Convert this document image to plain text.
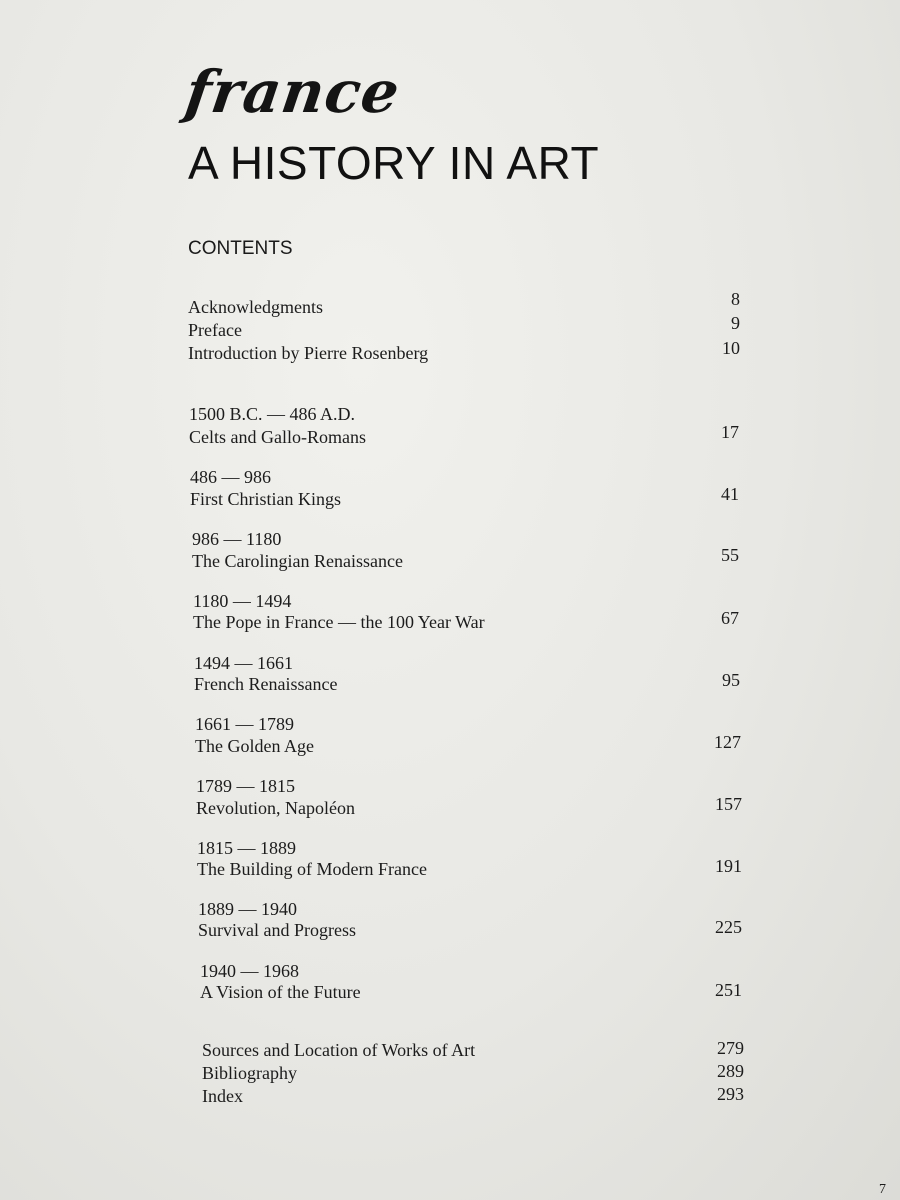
france
A HISTORY IN ART
CONTENTS
Acknowledgments	8
Preface	9
Introduction by Pierre Rosenberg	10
1500 B.C. — 486 A.D.
Celts and Gallo-Romans	17
486 — 986
First Christian Kings	41
986 — 1180
The Carolingian Renaissance	55
1180 — 1494
The Pope in France — the 100 Year War	67
1494 — 1661
French Renaissance	95
1661 — 1789
The Golden Age	127
1789 — 1815
Revolution, Napoléon	157
1815 — 1889
The Building of Modern France	191
1889 — 1940
Survival and Progress	225
1940 — 1968
A Vision of the Future	251
Sources and Location of Works of Art	279
Bibliography	289
Index	293
7
